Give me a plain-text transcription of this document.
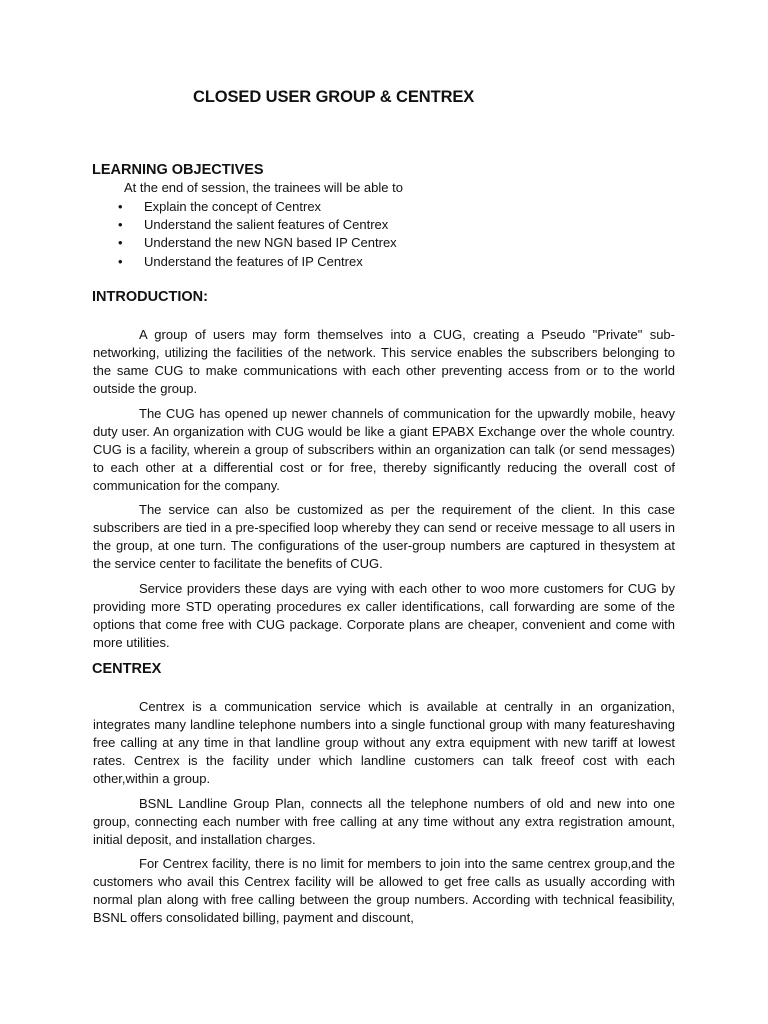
CLOSED USER GROUP & CENTREX
LEARNING OBJECTIVES
At the end of session, the trainees will be able to
• Explain the concept of Centrex
• Understand the salient features of Centrex
• Understand the new NGN based IP Centrex
• Understand the features of IP Centrex
INTRODUCTION:

A group of users may form themselves into a CUG, creating a Pseudo "Private" sub-networking, utilizing the facilities of the network. This service enables the subscribers belonging to the same CUG to make communications with each other preventing access from or to the world outside the group.

The CUG has opened up newer channels of communication for the upwardly mobile, heavy duty user. An organization with CUG would be like a giant EPABX Exchange over the whole country. CUG is a facility, wherein a group of subscribers within an organization can talk (or send messages) to each other at a differential cost or for free, thereby significantly reducing the overall cost of communication for the company.

The service can also be customized as per the requirement of the client. In this case subscribers are tied in a pre-specified loop whereby they can send or receive message to all users in the group, at one turn. The configurations of the user-group numbers are captured in thesystem at the service center to facilitate the benefits of CUG.

Service providers these days are vying with each other to woo more customers for CUG by providing more STD operating procedures ex caller identifications, call forwarding are some of the options that come free with CUG package. Corporate plans are cheaper, convenient and come with more utilities.

CENTREX

Centrex is a communication service which is available at centrally in an organization, integrates many landline telephone numbers into a single functional group with many featureshaving free calling at any time in that landline group without any extra equipment with new tariff at lowest rates. Centrex is the facility under which landline customers can talk freeof cost with each other,within a group.

BSNL Landline Group Plan, connects all the telephone numbers of old and new into one group, connecting each number with free calling at any time without any extra registration amount, initial deposit, and installation charges.

For Centrex facility, there is no limit for members to join into the same centrex group,and the customers who avail this Centrex facility will be allowed to get free calls as usually according with normal plan along with free calling between the group numbers. According with technical feasibility, BSNL offers consolidated billing, payment and discount,
